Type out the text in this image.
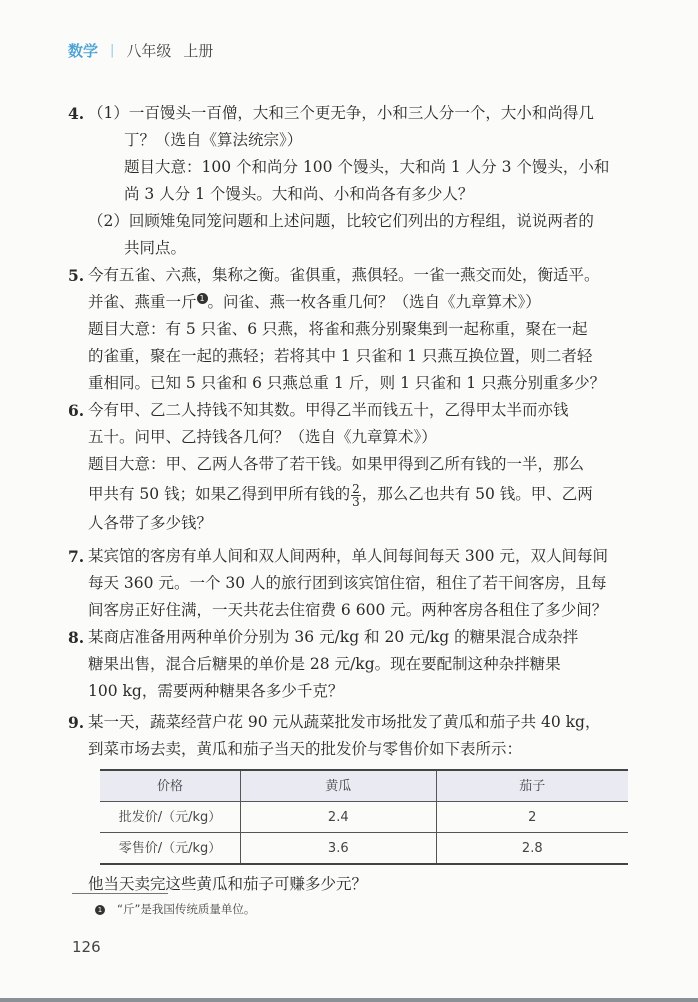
数学 | 八年级 上册
4. （1）一百馒头一百僧，大和三个更无争，小和三人分一个，大小和尚得几
丁？（选自《算法统宗》）
题目大意：100 个和尚分 100 个馒头，大和尚 1 人分 3 个馒头，小和
尚 3 人分 1 个馒头。大和尚、小和尚各有多少人？
（2）回顾雉兔同笼问题和上述问题，比较它们列出的方程组，说说两者的
共同点。
5. 今有五雀、六燕，集称之衡。雀俱重，燕俱轻。一雀一燕交而处，衡适平。
并雀、燕重一斤 1 。问雀、燕一枚各重几何？（选自《九章算术》）
题目大意：有 5 只雀、6 只燕，将雀和燕分别聚集到一起称重，聚在一起
的雀重，聚在一起的燕轻；若将其中 1 只雀和 1 只燕互换位置，则二者轻
重相同。已知 5 只雀和 6 只燕总重 1 斤，则 1 只雀和 1 只燕分别重多少？
6. 今有甲、乙二人持钱不知其数。甲得乙半而钱五十，乙得甲太半而亦钱
五十。问甲、乙持钱各几何？（选自《九章算术》）
题目大意：甲、乙两人各带了若干钱。如果甲得到乙所有钱的一半，那么
甲共有 50 钱；如果乙得到甲所有钱的 $\frac{2}{3}$ ，那么乙也共有 50 钱。甲、乙两
人各带了多少钱？
7. 某宾馆的客房有单人间和双人间两种，单人间每间每天 300 元，双人间每间
每天 360 元。一个 30 人的旅行团到该宾馆住宿，租住了若干间客房，且每
间客房正好住满，一天共花去住宿费 6 600 元。两种客房各租住了多少间？
8. 某商店准备用两种单价分别为 36 元/kg 和 20 元/kg 的糖果混合成杂拌
糖果出售，混合后糖果的单价是 28 元/kg。现在要配制这种杂拌糖果
100 kg，需要两种糖果各多少千克？
9. 某一天，蔬菜经营户花 90 元从蔬菜批发市场批发了黄瓜和茄子共 40 kg，
到菜市场去卖，黄瓜和茄子当天的批发价与零售价如下表所示：
价格	黄瓜	茄子
批发价/（元/kg）	2.4	2
零售价/（元/kg）	3.6	2.8
他当天卖完这些黄瓜和茄子可赚多少元？
1 “斤”是我国传统质量单位。
126
